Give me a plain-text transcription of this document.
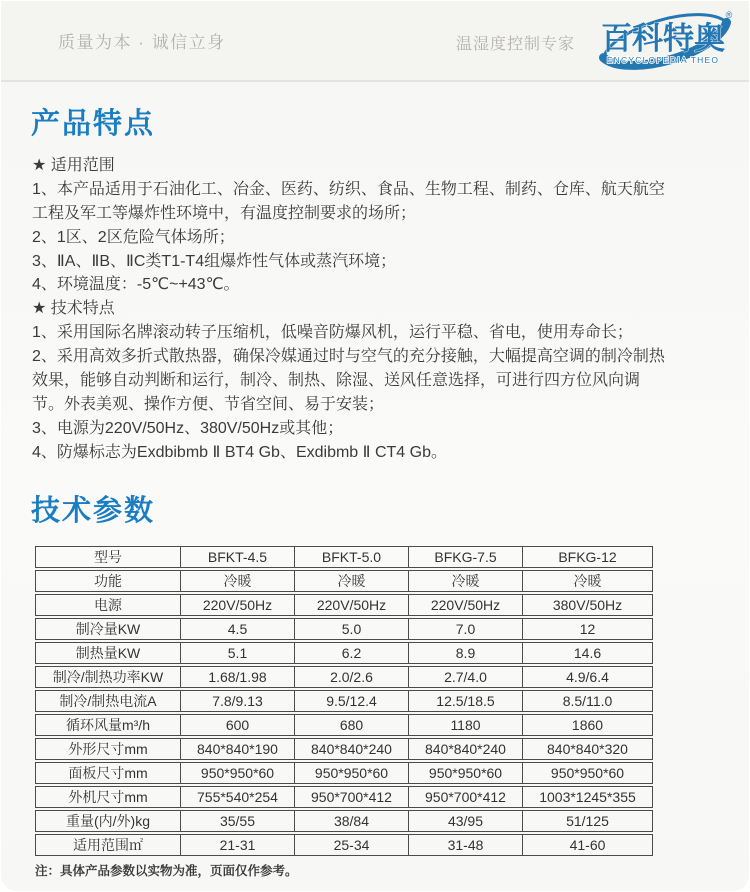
质量为本 · 诚信立身	温湿度控制专家 百科特奥
®
ENCYCLOPEDIA THEO
产品特点
★ 适用范围
1、本产品适用于石油化工、冶金、医药、纺织、食品、生物工程、制药、仓库、航天航空
工程及军工等爆炸性环境中，有温度控制要求的场所；
2、1区、2区危险气体场所；
3、ⅡA、ⅡB、ⅡC类T1-T4组爆炸性气体或蒸汽环境；
4、环境温度：-5℃~+43℃。
★ 技术特点
1、采用国际名牌滚动转子压缩机，低噪音防爆风机，运行平稳、省电，使用寿命长；
2、采用高效多折式散热器，确保冷媒通过时与空气的充分接触，大幅提高空调的制冷制热
效果，能够自动判断和运行，制冷、制热、除湿、送风任意选择，可进行四方位风向调
节。外表美观、操作方便、节省空间、易于安装；
3、电源为220V/50Hz、380V/50Hz或其他；
4、防爆标志为Exdbibmb Ⅱ BT4 Gb、Exdibmb Ⅱ CT4 Gb。
技术参数
型号	BFKT-4.5	BFKT-5.0	BFKG-7.5	BFKG-12
功能	冷暖	冷暖	冷暖	冷暖
电源	220V/50Hz	220V/50Hz	220V/50Hz	380V/50Hz
制冷量KW	4.5	5.0	7.0	12
制热量KW	5.1	6.2	8.9	14.6
制冷/制热功率KW	1.68/1.98	2.0/2.6	2.7/4.0	4.9/6.4
制冷/制热电流A	7.8/9.13	9.5/12.4	12.5/18.5	8.5/11.0
循环风量m³/h	600	680	1180	1860
外形尺寸mm	840*840*190	840*840*240	840*840*240	840*840*320
面板尺寸mm	950*950*60	950*950*60	950*950*60	950*950*60
外机尺寸mm	755*540*254	950*700*412	950*700*412	1003*1245*355
重量(内/外)kg	35/55	38/84	43/95	51/125
适用范围㎡	21-31	25-34	31-48	41-60
注：具体产品参数以实物为准，页面仅作参考。
